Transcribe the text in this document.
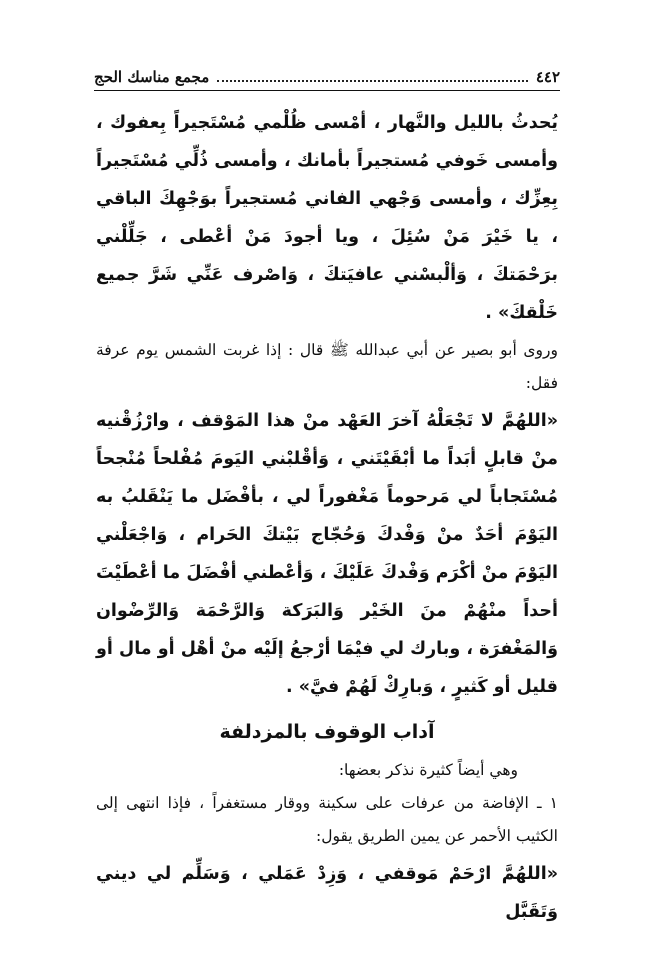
٤٤٢
مجمع مناسك الحج

يُحدثُ بالليل والنَّهار ، أمْسى ظُلْمي مُسْتَجيراً بِعفوك ، وأمسى خَوفي مُستجيراً بأمانك ، وأمسى ذُلِّي مُسْتَجيراً بِعِزِّك ، وأمسى وَجْهي الفاني مُستجيراً بوَجْهِكَ الباقي ، يا خَيْرَ مَنْ سُئِلَ ، ويا أجودَ مَنْ أعْطى ، جَلِّلْني برَحْمَتكَ ، وَألْبسْني عافيَتكَ ، وَاصْرف عَنِّي شَرَّ جميع خَلْقكَ» .

وروى أبو بصير عن أبي عبدالله ﷺ قال : إذا غربت الشمس يوم عرفة فقل:

«اللهُمَّ لا تَجْعَلْهُ آخرَ العَهْد منْ هذا المَوْقف ، وارْزُقْنيه منْ قابلٍ أبَداً ما أبْقَيْتَني ، وَأقْلبْني اليَومَ مُفْلحاً مُنْجحاً مُسْتَجاباً لي مَرحوماً مَغْفوراً لي ، بأفْضَل ما يَنْقَلبُ به اليَوْمَ أحَدٌ منْ وَفْدكَ وَحُجّاج بَيْتكَ الحَرام ، وَاجْعَلْني اليَوْمَ منْ أكْرَم وَفْدكَ عَلَيْكَ ، وَأعْطني أفْضَلَ ما أعْطَيْتَ أحداً منْهُمْ منَ الخَيْر وَالبَرَكة وَالرَّحْمَة وَالرِّضْوان وَالمَغْفرَة ، وبارك لي فيْمَا أرْجعُ إلَيْه منْ أهْل أو مال أو قليل أو كَثيرٍ ، وَبارِكْ لَهُمْ فيَّ» .

آداب الوقوف بالمزدلفة

وهي أيضاً كثيرة نذكر بعضها:

١ ـ الإفاضة من عرفات على سكينة ووقار مستغفراً ، فإذا انتهى إلى الكثيب الأحمر عن يمين الطريق يقول:

«اللهُمَّ ارْحَمْ مَوقفي ، وَزِدْ عَمَلي ، وَسَلِّم لي ديني وَتَقَبَّل
